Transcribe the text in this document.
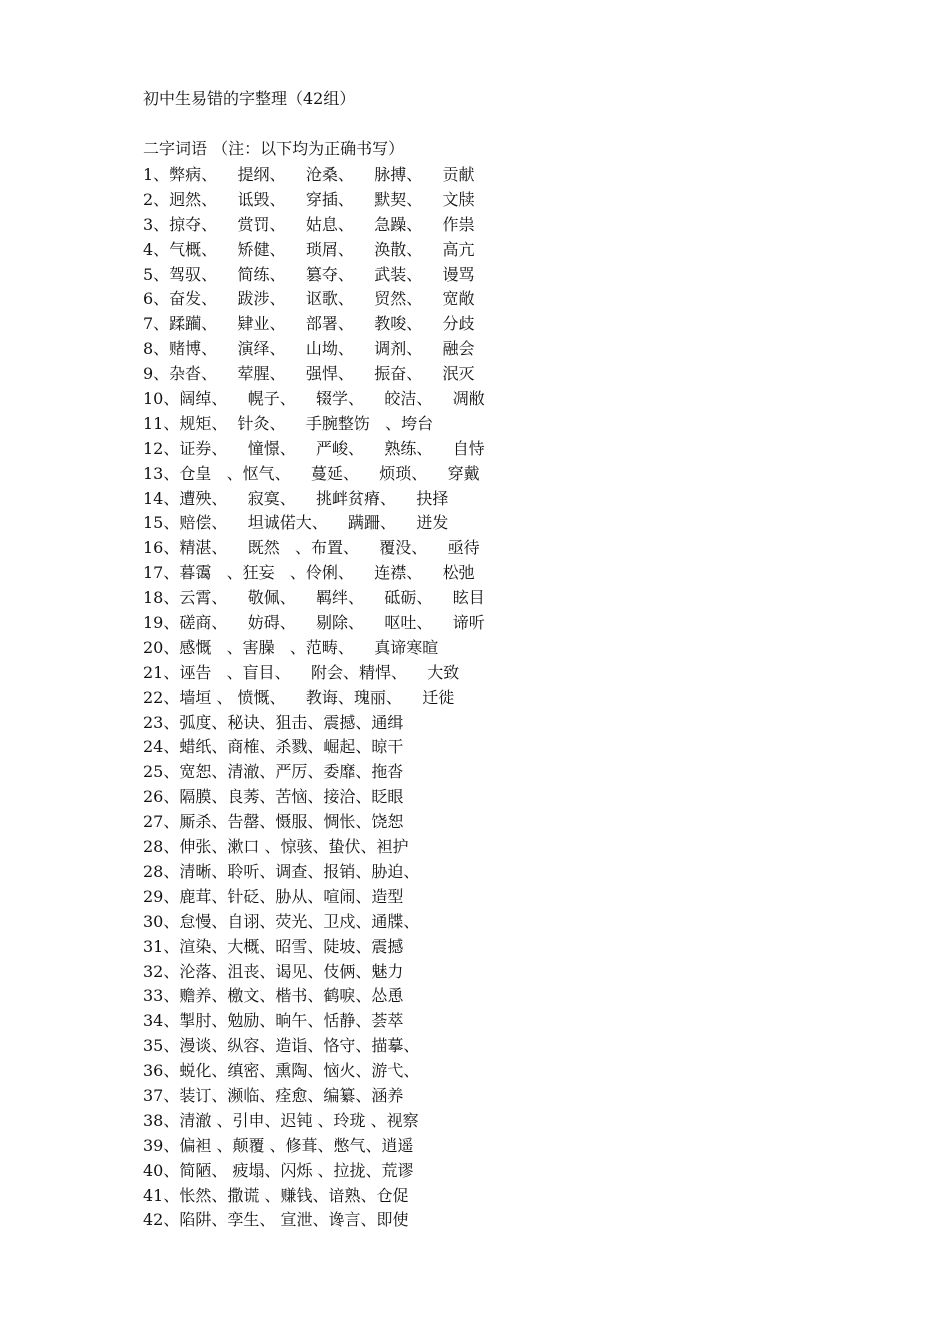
初中生易错的字整理（42组）
二字词语 （注：以下均为正确书写）
1、弊病、    提纲、    沧桑、    脉搏、    贡献
2、迥然、    诋毁、    穿插、    默契、    文牍
3、掠夺、    赏罚、    姑息、    急躁、    作祟
4、气概、    矫健、    琐屑、    涣散、    高亢
5、驾驭、    简练、    篡夺、    武装、    谩骂
6、奋发、    跋涉、    讴歌、    贸然、    宽敞
7、蹂躏、    肄业、    部署、    教唆、    分歧
8、赌博、    演绎、    山坳、    调剂、    融会
9、杂沓、    荤腥、    强悍、    振奋、    泯灭
10、阔绰、    幌子、    辍学、    皎洁、    凋敝
11、规矩、  针灸、    手腕整饬   、垮台
12、证券、    憧憬、    严峻、    熟练、    自恃
13、仓皇   、怄气、    蔓延、    烦琐、    穿戴
14、遭殃、    寂寞、    挑衅贫瘠、    抉择
15、赔偿、    坦诚偌大、    蹒跚、    迸发
16、精湛、    既然   、布置、    覆没、    亟待
17、暮霭   、狂妄   、伶俐、    连襟、    松弛
18、云霄、    敬佩、    羁绊、    砥砺、    眩目
19、磋商、    妨碍、    剔除、    呕吐、    谛听
20、感慨   、害臊   、范畴、    真谛寒暄
21、诬告   、盲目、    附会、精悍、    大致
22、墙垣 、 愤慨、    教诲、瑰丽、    迁徙
23、弧度、秘诀、狙击、震撼、通缉
24、蜡纸、商榷、杀戮、崛起、晾干
25、宽恕、清澈、严厉、委靡、拖沓
26、隔膜、良莠、苦恼、接洽、眨眼
27、厮杀、告罄、慑服、惆怅、饶恕
28、伸张、漱口 、惊骇、蛰伏、袒护
28、清晰、聆听、调查、报销、胁迫、
29、鹿茸、针砭、胁从、喧闹、造型
30、怠慢、自诩、荧光、卫戍、通牒、
31、渲染、大概、昭雪、陡坡、震撼
32、沦落、沮丧、谒见、伎俩、魅力
33、赡养、檄文、楷书、鹤唳、怂恿
34、掣肘、勉励、晌午、恬静、荟萃
35、漫谈、纵容、造诣、恪守、描摹、
36、蜕化、缜密、熏陶、恼火、游弋、
37、装订、濒临、痊愈、编纂、涵养
38、清澈 、引申、迟钝 、玲珑 、视察
39、偏袒 、颠覆 、修葺、憋气、逍遥
40、简陋、 疲塌、闪烁 、拉拢、荒谬
41、怅然、撒谎 、赚钱、谙熟、仓促
42、陷阱、孪生、 宣泄、谗言、即使
